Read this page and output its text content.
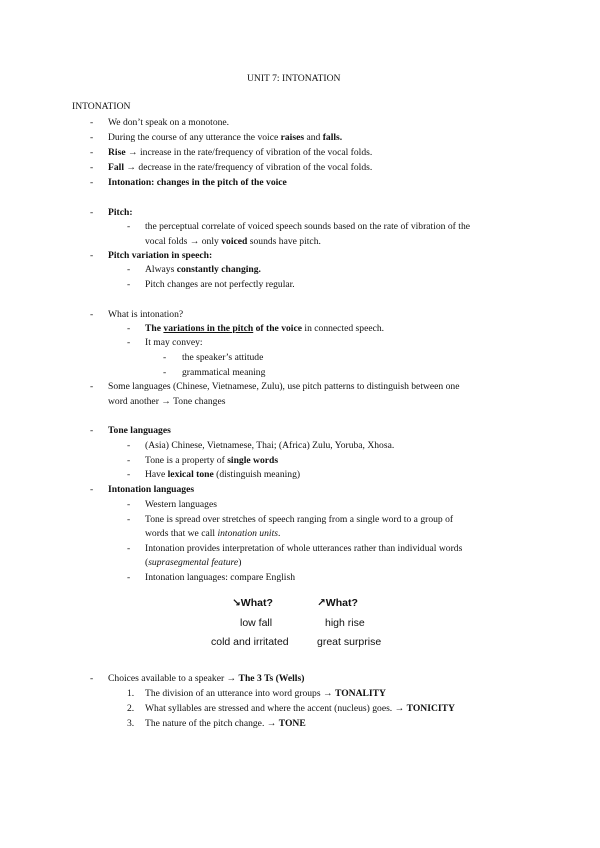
UNIT 7: INTONATION
INTONATION
- We don’t speak on a monotone.
- During the course of any utterance the voice raises and falls.
- Rise → increase in the rate/frequency of vibration of the vocal folds.
- Fall → decrease in the rate/frequency of vibration of the vocal folds.
- Intonation: changes in the pitch of the voice
- Pitch:
- the perceptual correlate of voiced speech sounds based on the rate of vibration of the
vocal folds → only voiced sounds have pitch.
- Pitch variation in speech:
- Always constantly changing.
- Pitch changes are not perfectly regular.
- What is intonation?
- The variations in the pitch of the voice in connected speech.
- It may convey:
- the speaker’s attitude
- grammatical meaning
- Some languages (Chinese, Vietnamese, Zulu), use pitch patterns to distinguish between one
word another → Tone changes
- Tone languages
- (Asia) Chinese, Vietnamese, Thai; (Africa) Zulu, Yoruba, Xhosa.
- Tone is a property of single words
- Have lexical tone (distinguish meaning)
- Intonation languages
- Western languages
- Tone is spread over stretches of speech ranging from a single word to a group of
words that we call intonation units.
- Intonation provides interpretation of whole utterances rather than individual words
(suprasegmental feature)
- Intonation languages: compare English
↘What?	↗What?
low fall	high rise
cold and irritated	great surprise
- Choices available to a speaker → The 3 Ts (Wells)
1. The division of an utterance into word groups → TONALITY
2. What syllables are stressed and where the accent (nucleus) goes. → TONICITY
3. The nature of the pitch change. → TONE
